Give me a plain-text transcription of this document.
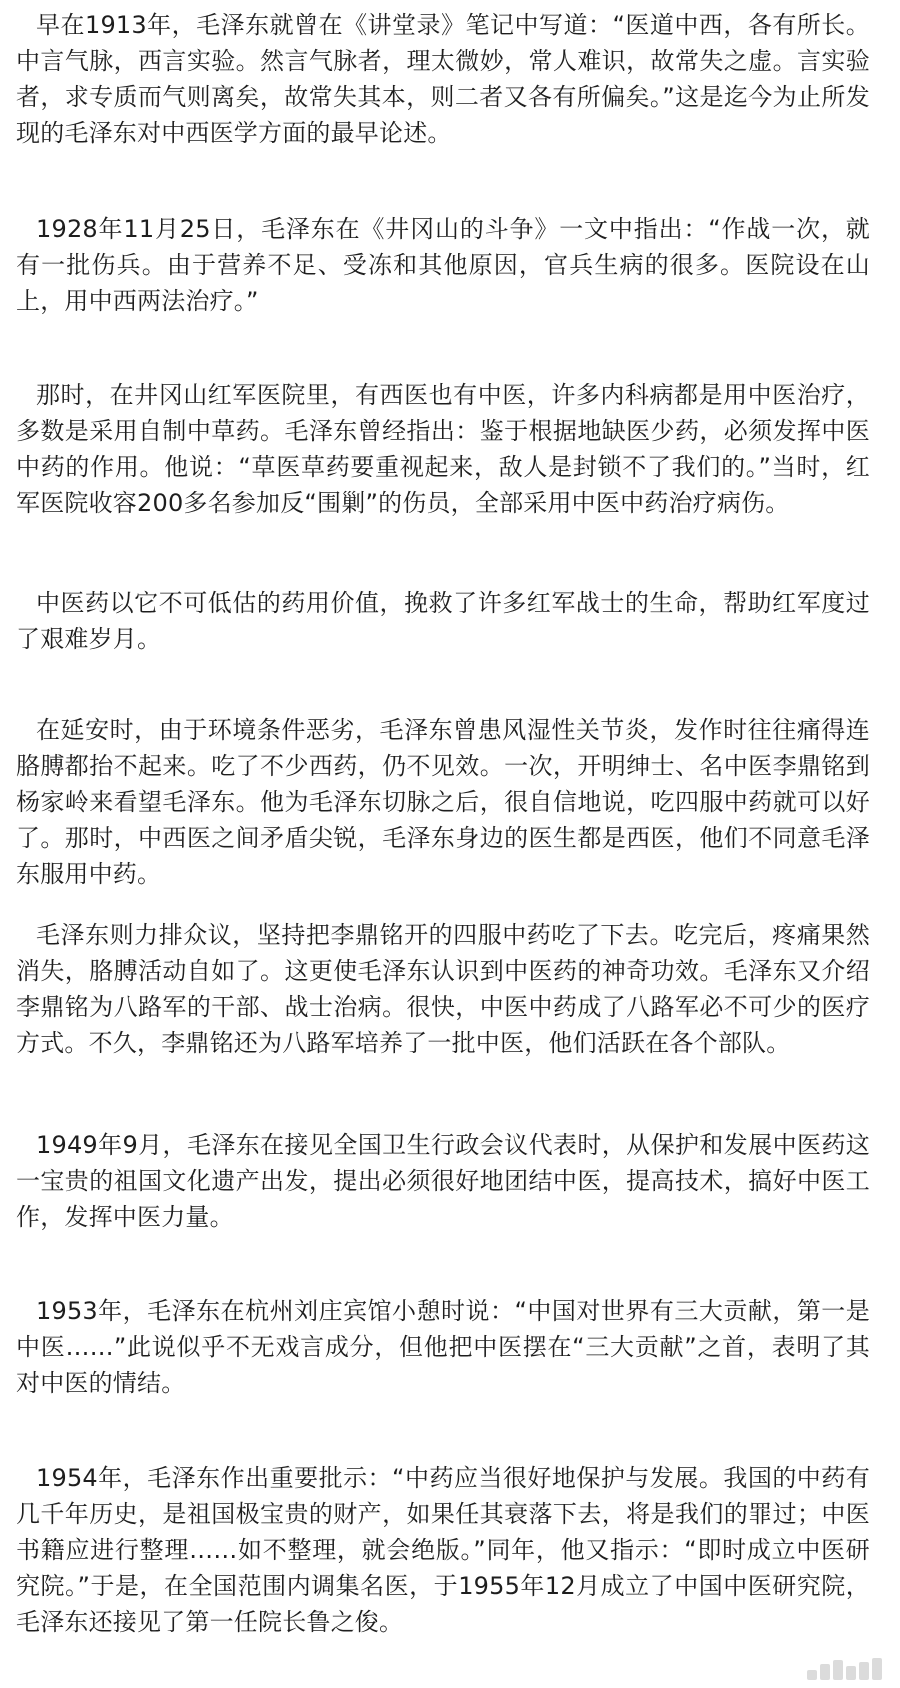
早在1913年，毛泽东就曾在《讲堂录》笔记中写道：“医道中西，各有所长。中言气脉，西言实验。然言气脉者，理太微妙，常人难识，故常失之虚。言实验者，求专质而气则离矣，故常失其本，则二者又各有所偏矣。”这是迄今为止所发现的毛泽东对中西医学方面的最早论述。

1928年11月25日，毛泽东在《井冈山的斗争》一文中指出：“作战一次，就有一批伤兵。由于营养不足、受冻和其他原因，官兵生病的很多。医院设在山上，用中西两法治疗。”

那时，在井冈山红军医院里，有西医也有中医，许多内科病都是用中医治疗，多数是采用自制中草药。毛泽东曾经指出：鉴于根据地缺医少药，必须发挥中医中药的作用。他说：“草医草药要重视起来，敌人是封锁不了我们的。”当时，红军医院收容200多名参加反“围剿”的伤员，全部采用中医中药治疗病伤。

中医药以它不可低估的药用价值，挽救了许多红军战士的生命，帮助红军度过了艰难岁月。

在延安时，由于环境条件恶劣，毛泽东曾患风湿性关节炎，发作时往往痛得连胳膊都抬不起来。吃了不少西药，仍不见效。一次，开明绅士、名中医李鼎铭到杨家岭来看望毛泽东。他为毛泽东切脉之后，很自信地说，吃四服中药就可以好了。那时，中西医之间矛盾尖锐，毛泽东身边的医生都是西医，他们不同意毛泽东服用中药。

毛泽东则力排众议，坚持把李鼎铭开的四服中药吃了下去。吃完后，疼痛果然消失，胳膊活动自如了。这更使毛泽东认识到中医药的神奇功效。毛泽东又介绍李鼎铭为八路军的干部、战士治病。很快，中医中药成了八路军必不可少的医疗方式。不久，李鼎铭还为八路军培养了一批中医，他们活跃在各个部队。

1949年9月，毛泽东在接见全国卫生行政会议代表时，从保护和发展中医药这一宝贵的祖国文化遗产出发，提出必须很好地团结中医，提高技术，搞好中医工作，发挥中医力量。

1953年，毛泽东在杭州刘庄宾馆小憩时说：“中国对世界有三大贡献，第一是中医……”此说似乎不无戏言成分，但他把中医摆在“三大贡献”之首，表明了其对中医的情结。

1954年，毛泽东作出重要批示：“中药应当很好地保护与发展。我国的中药有几千年历史，是祖国极宝贵的财产，如果任其衰落下去，将是我们的罪过；中医书籍应进行整理……如不整理，就会绝版。”同年，他又指示：“即时成立中医研究院。”于是，在全国范围内调集名医，于1955年12月成立了中国中医研究院，毛泽东还接见了第一任院长鲁之俊。
